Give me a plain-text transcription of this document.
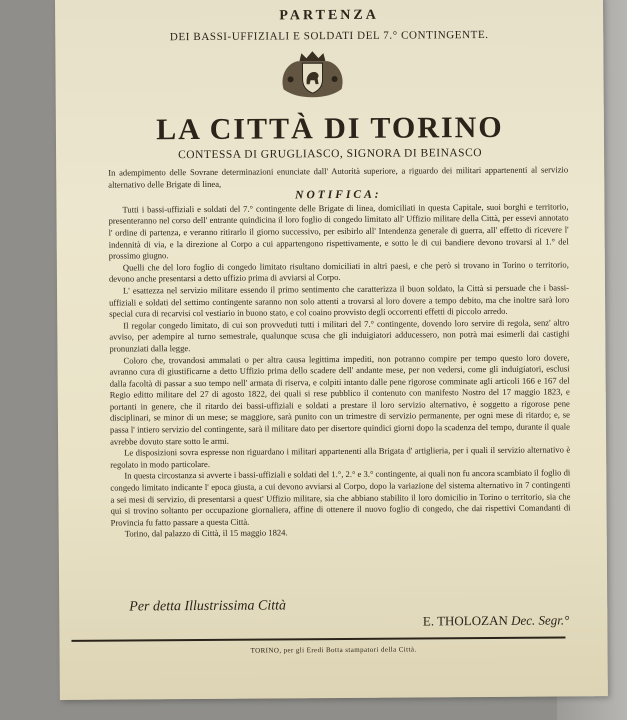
PARTENZA
DEI BASSI-UFFIZIALI E SOLDATI DEL 7.° CONTINGENTE.
LA CITTÀ DI TORINO
CONTESSA DI GRUGLIASCO, SIGNORA DI BEINASCO

In adempimento delle Sovrane determinazioni enunciate dall' Autorità superiore, a riguardo dei militari appartenenti al servizio alternativo delle Brigate di linea,

NOTIFICA:

Tutti i bassi-uffiziali e soldati del 7.° contingente delle Brigate di linea, domiciliati in questa Capitale, suoi borghi e territorio, presenteranno nel corso dell' entrante quindicina il loro foglio di congedo limitato all' Uffizio militare della Città, per essevi annotato l' ordine di partenza, e veranno ritirarlo il giorno successivo, per esibirlo all' Intendenza generale di guerra, all' effetto di ricevere l' indennità di via, e la direzione al Corpo a cui appartengono rispettivamente, e sotto le di cui bandiere devono trovarsi al 1.° del prossimo giugno.

Quelli che del loro foglio di congedo limitato risultano domiciliati in altri paesi, e che però si trovano in Torino o territorio, devono anche presentarsi a detto uffizio prima di avviarsi al Corpo.

L' esattezza nel servizio militare essendo il primo sentimento che caratterizza il buon soldato, la Città si persuade che i bassi-uffiziali e soldati del settimo contingente saranno non solo attenti a trovarsi al loro dovere a tempo debito, ma che inoltre sarà loro special cura di recarvisi col vestiario in buono stato, e col coaino provvisto degli occorrenti effetti di piccolo arredo.

Il regolar congedo limitato, di cui son provveduti tutti i militari del 7.° contingente, dovendo loro servire di regola, senz' altro avviso, per adempire al turno semestrale, qualunque scusa che gli induigiatori adducessero, non potrà mai esimerli dai castighi pronunziati dalla legge.

Coloro che, trovandosi ammalati o per altra causa legittima impediti, non potranno compire per tempo questo loro dovere, avranno cura di giustificarne a detto Uffizio prima dello scadere dell' andante mese, per non vedersi, come gli induigiatori, esclusi dalla facoltà di passar a suo tempo nell' armata di riserva, e colpiti intanto dalle pene rigorose comminate agli articoli 166 e 167 del Regio editto militare del 27 di agosto 1822, dei quali si rese pubblico il contenuto con manifesto Nostro del 17 maggio 1823, e portanti in genere, che il ritardo dei bassi-uffiziali e soldati a prestare il loro servizio alternativo, è soggetto a rigorose pene disciplinari, se minor di un mese; se maggiore, sarà punito con un trimestre di servizio permanente, per ogni mese di ritardo; e, se passa l' intiero servizio del contingente, sarà il militare dato per disertore quindici giorni dopo la scadenza del tempo, durante il quale avrebbe dovuto stare sotto le armi.

Le disposizioni sovra espresse non riguardano i militari appartenenti alla Brigata d' artiglieria, per i quali il servizio alternativo è regolato in modo particolare.

In questa circostanza si avverte i bassi-uffiziali e soldati del 1.°, 2.° e 3.° contingente, ai quali non fu ancora scambiato il foglio di congedo limitato indicante l' epoca giusta, a cui devono avviarsi al Corpo, dopo la variazione del sistema alternativo in 7 contingenti a sei mesi di servizio, di presentarsi a quest' Uffizio militare, sia che abbiano stabilito il loro domicilio in Torino o territorio, sia che qui si trovino soltanto per occupazione giornaliera, affine di ottenere il nuovo foglio di congedo, che dai rispettivi Comandanti di Provincia fu fatto passare a questa Città.

Torino, dal palazzo di Città, il 15 maggio 1824.

Per detta Illustrissima Città
E. THOLOZAN Dec. Segr.°
TORINO, per gli Eredi Botta stampatori della Città.
